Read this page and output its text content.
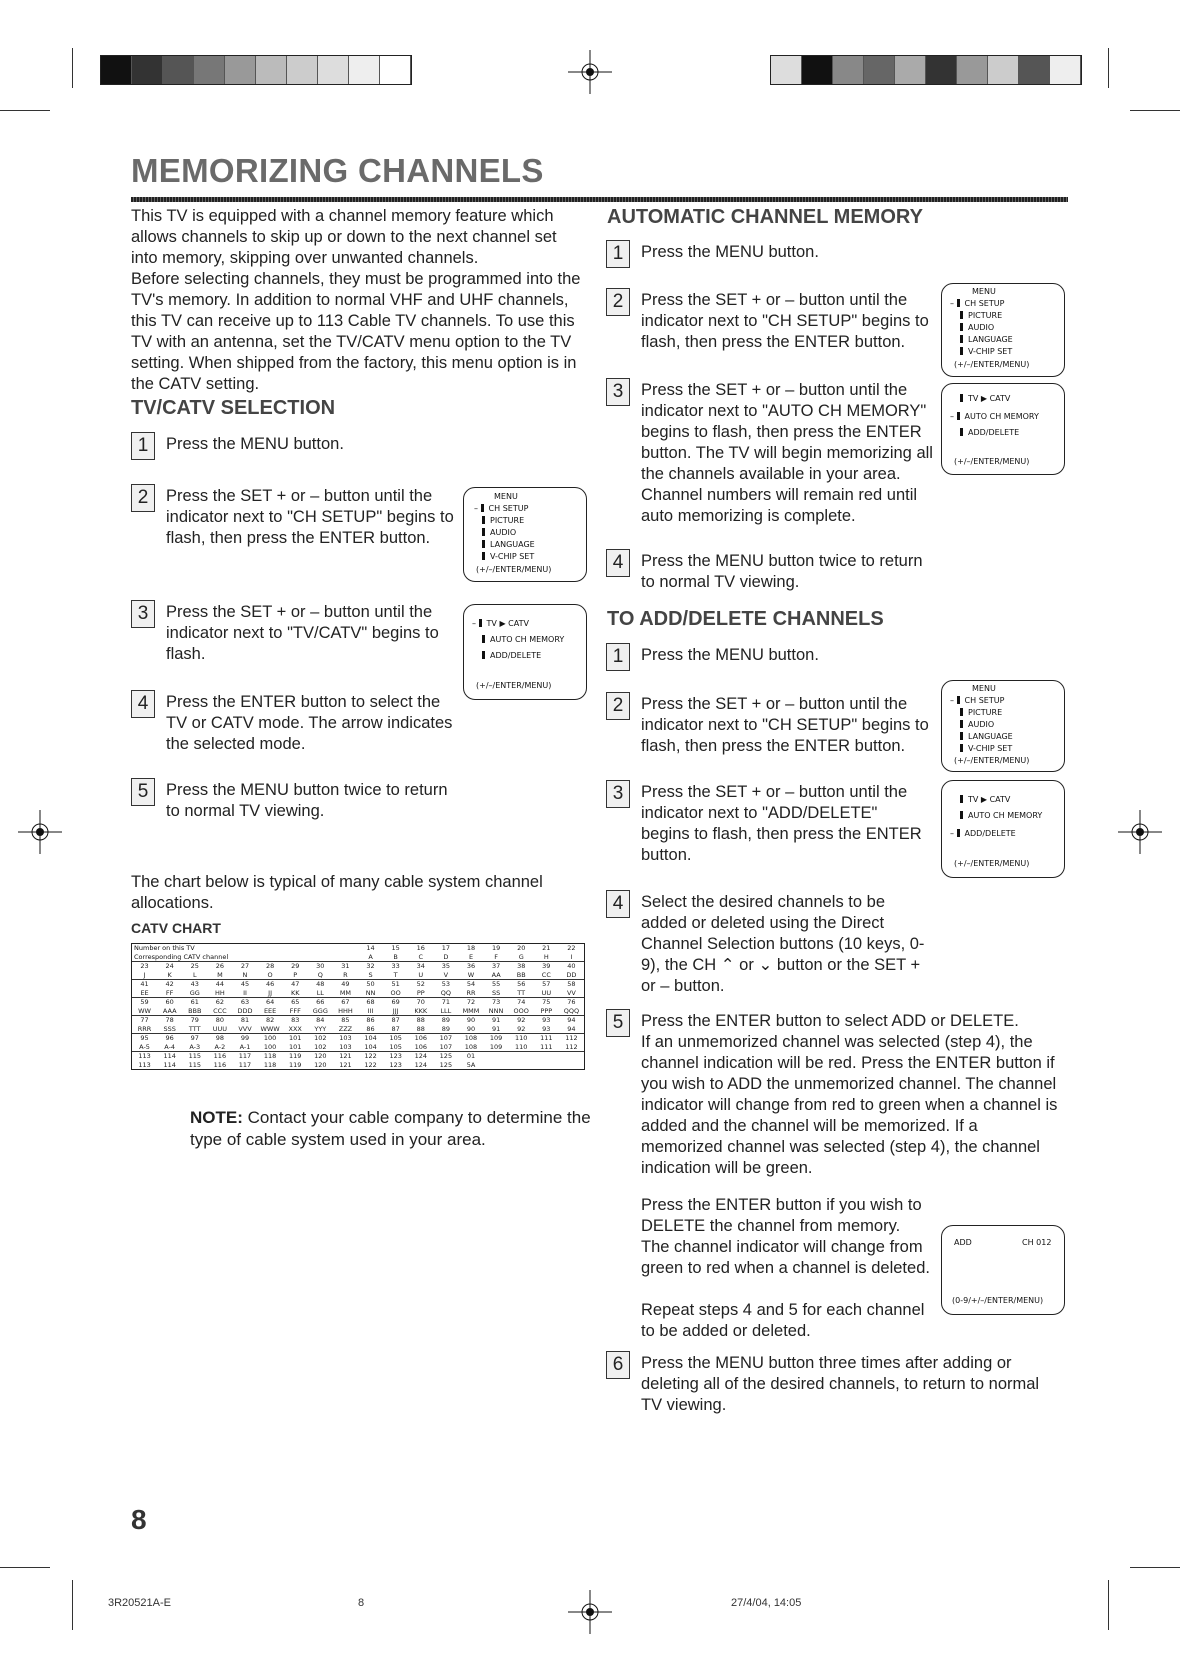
MEMORIZING CHANNELS

This TV is equipped with a channel memory feature which allows channels to skip up or down to the next channel set into memory, skipping over unwanted channels.

Before selecting channels, they must be programmed into the TV's memory. In addition to normal VHF and UHF channels, this TV can receive up to 113 Cable TV channels. To use this TV with an antenna, set the TV/CATV menu option to the TV setting. When shipped from the factory, this menu option is in the CATV setting.

TV/CATV SELECTION
1	Press the MENU button.
2	Press the SET + or – button until the indicator next to "CH SETUP" begins to flash, then press the ENTER button.
3	Press the SET + or – button until the indicator next to "TV/CATV" begins to flash.
4	Press the ENTER button to select the TV or CATV mode. The arrow indicates the selected mode.
5	Press the MENU button twice to return to normal TV viewing.
MENU
– CH SETUP
PICTURE
AUDIO
LANGUAGE
V-CHIP SET
(+/–/ENTER/MENU)
– TV ▶ CATV
AUTO CH MEMORY
ADD/DELETE
(+/–/ENTER/MENU)

The chart below is typical of many cable system channel allocations.

CATV CHART
Number on this TV
Corresponding CATV channel
14	15	16	17	18	19	20	21	22
A	B	C	D	E	F	G	H	I
23	24	25	26	27	28	29	30	31
J	K	L	M	N	O	P	Q	R
32	33	34	35	36	37	38	39	40
S	T	U	V	W	AA	BB	CC	DD
41	42	43	44	45	46	47	48	49
EE	FF	GG	HH	II	JJ	KK	LL	MM
50	51	52	53	54	55	56	57	58
NN	OO	PP	QQ	RR	SS	TT	UU	VV
59	60	61	62	63	64	65	66	67
WW	AAA	BBB	CCC	DDD	EEE	FFF	GGG	HHH
68	69	70	71	72	73	74	75	76
III	JJJ	KKK	LLL	MMM	NNN	OOO	PPP	QQQ
77	78	79	80	81	82	83	84	85
RRR	SSS	TTT	UUU	VVV	WWW	XXX	YYY	ZZZ
86	87	88	89	90	91	92	93	94
86	87	88	89	90	91	92	93	94
95	96	97	98	99	100	101	102	103
A-5	A-4	A-3	A-2	A-1	100	101	102	103
104	105	106	107	108	109	110	111	112
104	105	106	107	108	109	110	111	112
113	114	115	116	117	118	119	120	121
113	114	115	116	117	118	119	120	121
122	123	124	125	01
122	123	124	125	5A
NOTE: Contact your cable company to determine the type of cable system used in your area.
AUTOMATIC CHANNEL MEMORY
1	Press the MENU button.
2	Press the SET + or – button until the indicator next to "CH SETUP" begins to flash, then press the ENTER button.
3	Press the SET + or – button until the indicator next to "AUTO CH MEMORY" begins to flash, then press the ENTER button. The TV will begin memorizing all the channels available in your area. Channel numbers will remain red until auto memorizing is complete.
4	Press the MENU button twice to return to normal TV viewing.
MENU
– CH SETUP
PICTURE
AUDIO
LANGUAGE
V-CHIP SET
(+/–/ENTER/MENU)
TV ▶ CATV
– AUTO CH MEMORY
ADD/DELETE
(+/–/ENTER/MENU)
TO ADD/DELETE CHANNELS
1	Press the MENU button.
2	Press the SET + or – button until the indicator next to "CH SETUP" begins to flash, then press the ENTER button.
3	Press the SET + or – button until the indicator next to "ADD/DELETE" begins to flash, then press the ENTER button.
4	Select the desired channels to be added or deleted using the Direct Channel Selection buttons (10 keys, 0-9), the CH ⌃ or ⌄ button or the SET + or – button.
5	Press the ENTER button to select ADD or DELETE.
If an unmemorized channel was selected (step 4), the channel indication will be red. Press the ENTER button if you wish to ADD the unmemorized channel. The channel indicator will change from red to green when a channel is added and the channel will be memorized. If a memorized channel was selected (step 4), the channel indication will be green.
Press the ENTER button if you wish to DELETE the channel from memory. The channel indicator will change from green to red when a channel is deleted.
Repeat steps 4 and 5 for each channel to be added or deleted.
6	Press the MENU button three times after adding or deleting all of the desired channels, to return to normal TV viewing.
MENU
– CH SETUP
PICTURE
AUDIO
LANGUAGE
V-CHIP SET
(+/–/ENTER/MENU)
TV ▶ CATV
AUTO CH MEMORY
– ADD/DELETE
(+/–/ENTER/MENU)
ADD	CH 012
(0-9/+/–/ENTER/MENU)
8
3R20521A-E	8	27/4/04, 14:05
